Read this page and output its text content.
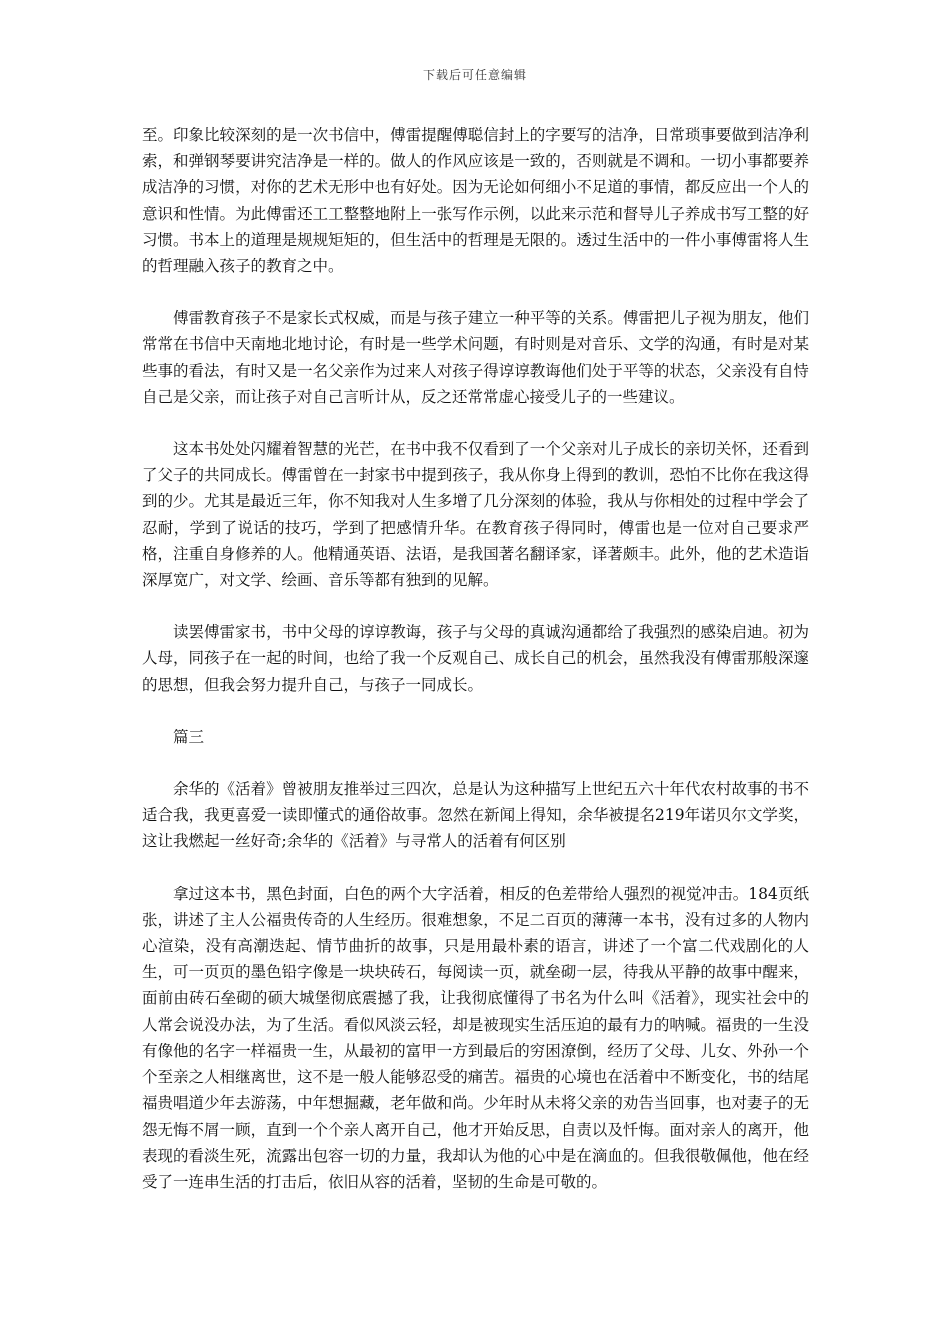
下载后可任意编辑

至。印象比较深刻的是一次书信中，傅雷提醒傅聪信封上的字要写的洁净，日常琐事要做到洁净利索，和弹钢琴要讲究洁净是一样的。做人的作风应该是一致的，否则就是不调和。一切小事都要养成洁净的习惯，对你的艺术无形中也有好处。因为无论如何细小不足道的事情，都反应出一个人的意识和性情。为此傅雷还工工整整地附上一张写作示例，以此来示范和督导儿子养成书写工整的好习惯。书本上的道理是规规矩矩的，但生活中的哲理是无限的。透过生活中的一件小事傅雷将人生的哲理融入孩子的教育之中。

傅雷教育孩子不是家长式权威，而是与孩子建立一种平等的关系。傅雷把儿子视为朋友，他们常常在书信中天南地北地讨论，有时是一些学术问题，有时则是对音乐、文学的沟通，有时是对某些事的看法，有时又是一名父亲作为过来人对孩子得谆谆教诲他们处于平等的状态，父亲没有自恃自己是父亲，而让孩子对自己言听计从，反之还常常虚心接受儿子的一些建议。

这本书处处闪耀着智慧的光芒，在书中我不仅看到了一个父亲对儿子成长的亲切关怀，还看到了父子的共同成长。傅雷曾在一封家书中提到孩子，我从你身上得到的教训，恐怕不比你在我这得到的少。尤其是最近三年，你不知我对人生多增了几分深刻的体验，我从与你相处的过程中学会了忍耐，学到了说话的技巧，学到了把感情升华。在教育孩子得同时，傅雷也是一位对自己要求严格，注重自身修养的人。他精通英语、法语，是我国著名翻译家，译著颇丰。此外，他的艺术造诣深厚宽广，对文学、绘画、音乐等都有独到的见解。

读罢傅雷家书，书中父母的谆谆教诲，孩子与父母的真诚沟通都给了我强烈的感染启迪。初为人母，同孩子在一起的时间，也给了我一个反观自己、成长自己的机会，虽然我没有傅雷那般深邃的思想，但我会努力提升自己，与孩子一同成长。

篇三

余华的《活着》曾被朋友推举过三四次，总是认为这种描写上世纪五六十年代农村故事的书不适合我，我更喜爱一读即懂式的通俗故事。忽然在新闻上得知，余华被提名219年诺贝尔文学奖，这让我燃起一丝好奇;余华的《活着》与寻常人的活着有何区别

拿过这本书，黑色封面，白色的两个大字活着，相反的色差带给人强烈的视觉冲击。184页纸张，讲述了主人公福贵传奇的人生经历。很难想象，不足二百页的薄薄一本书，没有过多的人物内心渲染，没有高潮迭起、情节曲折的故事，只是用最朴素的语言，讲述了一个富二代戏剧化的人生，可一页页的墨色铅字像是一块块砖石，每阅读一页，就垒砌一层，待我从平静的故事中醒来，面前由砖石垒砌的硕大城堡彻底震撼了我，让我彻底懂得了书名为什么叫《活着》，现实社会中的人常会说没办法，为了生活。看似风淡云轻，却是被现实生活压迫的最有力的呐喊。福贵的一生没有像他的名字一样福贵一生，从最初的富甲一方到最后的穷困潦倒，经历了父母、儿女、外孙一个个至亲之人相继离世，这不是一般人能够忍受的痛苦。福贵的心境也在活着中不断变化，书的结尾福贵唱道少年去游荡，中年想掘藏，老年做和尚。少年时从未将父亲的劝告当回事，也对妻子的无怨无悔不屑一顾，直到一个个亲人离开自己，他才开始反思，自责以及忏悔。面对亲人的离开，他表现的看淡生死，流露出包容一切的力量，我却认为他的心中是在滴血的。但我很敬佩他，他在经受了一连串生活的打击后，依旧从容的活着，坚韧的生命是可敬的。
